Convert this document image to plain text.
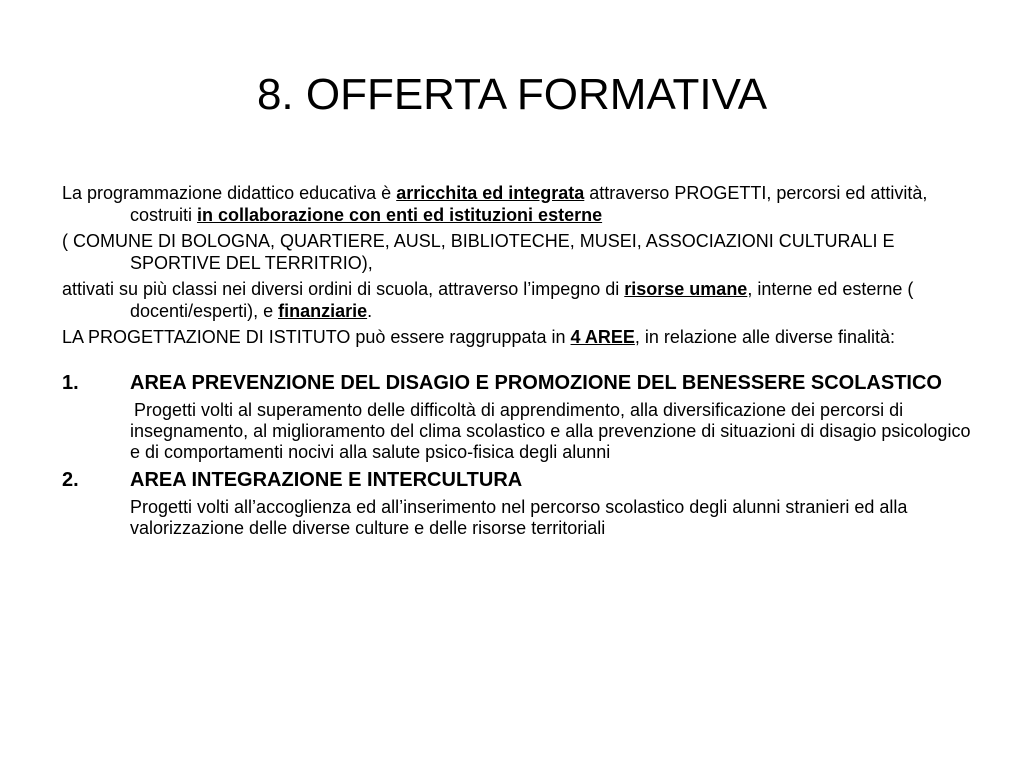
8. OFFERTA FORMATIVA

La programmazione didattico educativa è arricchita ed integrata attraverso PROGETTI, percorsi ed attività, costruiti in collaborazione con enti ed istituzioni esterne

( COMUNE DI BOLOGNA, QUARTIERE, AUSL, BIBLIOTECHE, MUSEI, ASSOCIAZIONI CULTURALI E SPORTIVE DEL TERRITRIO),

attivati su più classi nei diversi ordini di scuola, attraverso l’impegno di risorse umane, interne ed esterne ( docenti/esperti), e finanziarie.

LA PROGETTAZIONE DI ISTITUTO può essere raggruppata in 4 AREE, in relazione alle diverse finalità:

1.	AREA PREVENZIONE DEL DISAGIO E PROMOZIONE DEL BENESSERE SCOLASTICO

Progetti volti al superamento delle difficoltà di apprendimento, alla diversificazione dei percorsi di insegnamento, al miglioramento del clima scolastico e alla prevenzione di situazioni di disagio psicologico e di comportamenti nocivi alla salute psico-fisica degli alunni

2.	AREA INTEGRAZIONE E INTERCULTURA

Progetti volti all’accoglienza ed all’inserimento nel percorso scolastico degli alunni stranieri ed alla valorizzazione delle diverse culture e delle risorse territoriali
